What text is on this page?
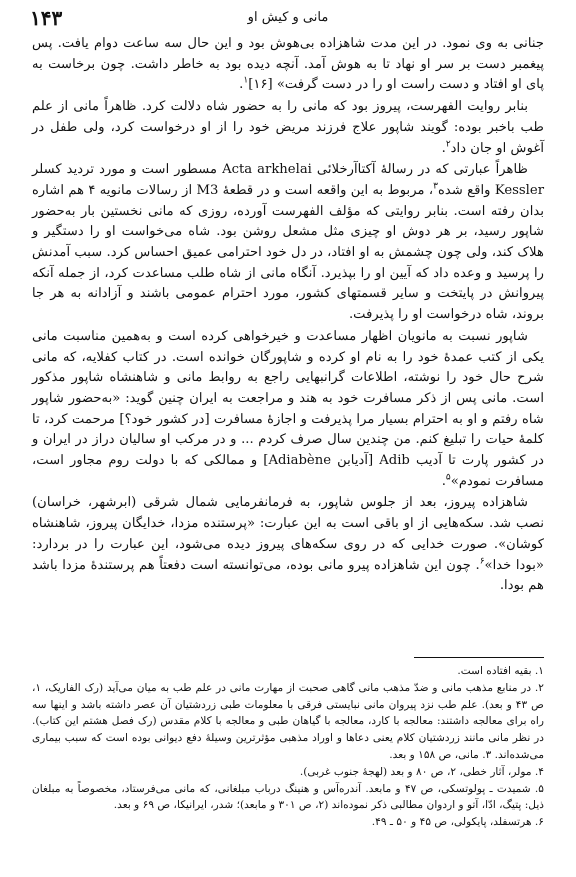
۱۴۳	مانی و کیش او

جنانی به وی نمود. در این مدت شاهزاده بی‌هوش بود و این حال سه ساعت دوام یافت. پس پیغمبر دست بر سر او نهاد تا به هوش آمد. آنچه دیده بود به خاطر داشت. چون برخاست به پای او افتاد و دست راست او را در دست گرفت» [۱۶]$^۱$.

بنابر روایت الفهرست، پیروز بود که مانی را به حضور شاه دلالت کرد. ظاهراً مانی از علم طب باخبر بوده: گویند شاپور علاج فرزند مریض خود را از او درخواست کرد، ولی طفل در آغوش او جان داد$^۲$.

ظاهراً عبارتی که در رسالهٔ آکتاآرخلائی Acta arkhelai مسطور است و مورد تردید کسلر Kessler واقع شده$^۳$، مربوط به این واقعه است و در قطعهٔ M3 از رسالات مانویه ۴ هم اشاره بدان رفته است. بنابر روایتی که مؤلف الفهرست آورده، روزی که مانی نخستین بار به‌حضور شاپور رسید، بر هر دوش او چیزی مثل مشعل روشن بود. شاه می‌خواست او را دستگیر و هلاک کند، ولی چون چشمش به او افتاد، در دل خود احترامی عمیق احساس کرد. سبب آمدنش را پرسید و وعده داد که آیین او را بپذیرد. آنگاه مانی از شاه طلب مساعدت کرد، از جمله آنکه پیروانش در پایتخت و سایر قسمتهای کشور، مورد احترام عمومی باشند و آزادانه به هر جا بروند، شاه درخواست او را پذیرفت.

شاپور نسبت به مانویان اظهار مساعدت و خیرخواهی کرده است و به‌همین مناسبت مانی یکی از کتب عمدهٔ خود را به نام او کرده و شاپورگان خوانده است. در کتاب کفلایه، که مانی شرح حال خود را نوشته، اطلاعات گرانبهایی راجع به روابط مانی و شاهنشاه شاپور مذکور است. مانی پس از ذکر مسافرت خود به هند و مراجعت به ایران چنین گوید: «به‌حضور شاپور شاه رفتم و او به احترام بسیار مرا پذیرفت و اجازهٔ مسافرت [در کشور خود؟] مرحمت کرد، تا کلمهٔ حیات را تبلیغ کنم. من چندین سال صرف کردم ... و در مرکب او سالیان دراز در ایران و در کشور پارت تا آدیب Adib [آدیابن Adiabène] و ممالکی که با دولت روم مجاور است، مسافرت نمودم»$^۵$.

شاهزاده پیروز، بعد از جلوس شاپور، به فرمانفرمایی شمال شرقی (ابرشهر، خراسان) نصب شد. سکه‌هایی از او باقی است به این عبارت: «پرستنده مزدا، خدایگان پیروز، شاهنشاه کوشان». صورت خدایی که در روی سکه‌های پیروز دیده می‌شود، این عبارت را در بردارد: «بودا خدا»$^۶$. چون این شاهزاده پیرو مانی بوده، می‌توانسته است دفعتاً هم پرستندهٔ مزدا باشد هم بودا.

۱. بقیه افتاده است.

۲. در منابع مذهب مانی و ضدّ مذهب مانی گاهی صحبت از مهارت مانی در علم طب به میان می‌آید (رک الفاریک، ۱، ص ۴۳ و بعد). علم طب نزد پیروان مانی نبایستی فرقی با معلومات طبی زردشتیان آن عصر داشته باشد و اینها سه راه برای معالجه داشتند: معالجه با کارد، معالجه با گیاهان طبی و معالجه با کلام مقدس (رک فصل هشتم این کتاب). در نظر مانی مانند زردشتیان کلام یعنی دعاها و اوراد مذهبی مؤثرترین وسیلهٔ دفع دیوانی بوده است که سبب بیماری می‌شده‌اند. ۳. مانی، ص ۱۵۸ و بعد.

۴. مولر، آثار خطی، ۲، ص ۸۰ و بعد (لهجهٔ جنوب غربی).

۵. شمیدت ـ پولوتسکی، ص ۴۷ و مابعد. آندره‌آس و هنینگ درباب مبلغانی، که مانی می‌فرستاد، مخصوصاً به مبلغان ذیل: پتیگ، ادّا، آتو و اردوان مطالبی ذکر نموده‌اند (۲، ص ۳۰۱ و مابعد)؛ شدر، ایرانیکا، ص ۶۹ و بعد.

۶. هرتسفلد، پایکولی، ص ۴۵ و ۵۰ ـ ۴۹.
